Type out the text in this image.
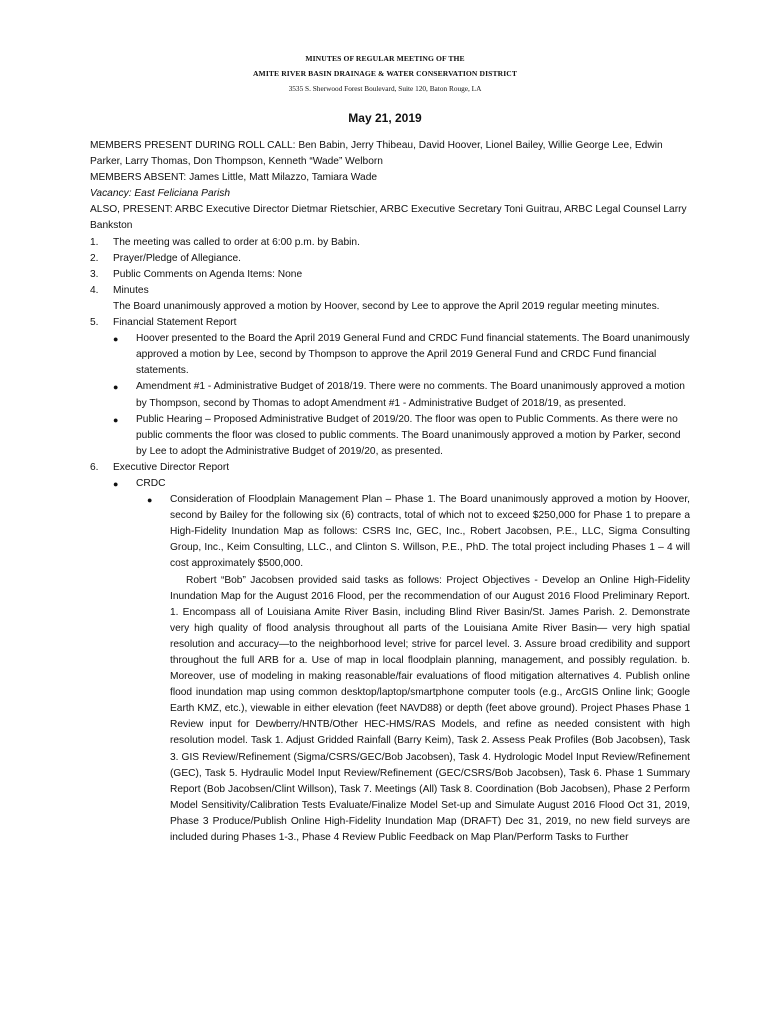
MINUTES OF REGULAR MEETING OF THE
AMITE RIVER BASIN DRAINAGE & WATER CONSERVATION DISTRICT
3535 S. Sherwood Forest Boulevard, Suite 120, Baton Rouge, LA
May 21, 2019

MEMBERS PRESENT DURING ROLL CALL: Ben Babin, Jerry Thibeau, David Hoover, Lionel Bailey, Willie George Lee, Edwin Parker, Larry Thomas, Don Thompson, Kenneth “Wade” Welborn

MEMBERS ABSENT: James Little, Matt Milazzo, Tamiara Wade

Vacancy: East Feliciana Parish

ALSO, PRESENT: ARBC Executive Director Dietmar Rietschier, ARBC Executive Secretary Toni Guitrau, ARBC Legal Counsel Larry Bankston

1.	The meeting was called to order at 6:00 p.m. by Babin.
2.	Prayer/Pledge of Allegiance.
3.	Public Comments on Agenda Items: None
4.	Minutes

The Board unanimously approved a motion by Hoover, second by Lee to approve the April 2019 regular meeting minutes.

5.	Financial Statement Report
●	Hoover presented to the Board the April 2019 General Fund and CRDC Fund financial statements. The Board unanimously approved a motion by Lee, second by Thompson to approve the April 2019 General Fund and CRDC Fund financial statements.
●	Amendment #1 - Administrative Budget of 2018/19. There were no comments. The Board unanimously approved a motion by Thompson, second by Thomas to adopt Amendment #1 - Administrative Budget of 2018/19, as presented.
●	Public Hearing – Proposed Administrative Budget of 2019/20. The floor was open to Public Comments. As there were no public comments the floor was closed to public comments. The Board unanimously approved a motion by Parker, second by Lee to adopt the Administrative Budget of 2019/20, as presented.
6.	Executive Director Report
●	CRDC
●	Consideration of Floodplain Management Plan – Phase 1. The Board unanimously approved a motion by Hoover, second by Bailey for the following six (6) contracts, total of which not to exceed $250,000 for Phase 1 to prepare a High-Fidelity Inundation Map as follows: CSRS Inc, GEC, Inc., Robert Jacobsen, P.E., LLC, Sigma Consulting Group, Inc., Keim Consulting, LLC., and Clinton S. Willson, P.E., PhD. The total project including Phases 1 – 4 will cost approximately $500,000.

Robert “Bob” Jacobsen provided said tasks as follows: Project Objectives - Develop an Online High-Fidelity Inundation Map for the August 2016 Flood, per the recommendation of our August 2016 Flood Preliminary Report. 1. Encompass all of Louisiana Amite River Basin, including Blind River Basin/St. James Parish. 2. Demonstrate very high quality of flood analysis throughout all parts of the Louisiana Amite River Basin— very high spatial resolution and accuracy—to the neighborhood level; strive for parcel level. 3. Assure broad credibility and support throughout the full ARB for a. Use of map in local floodplain planning, management, and possibly regulation. b. Moreover, use of modeling in making reasonable/fair evaluations of flood mitigation alternatives 4. Publish online flood inundation map using common desktop/laptop/smartphone computer tools (e.g., ArcGIS Online link; Google Earth KMZ, etc.), viewable in either elevation (feet NAVD88) or depth (feet above ground). Project Phases Phase 1 Review input for Dewberry/HNTB/Other HEC-HMS/RAS Models, and refine as needed consistent with high resolution model. Task 1. Adjust Gridded Rainfall (Barry Keim), Task 2. Assess Peak Profiles (Bob Jacobsen), Task 3. GIS Review/Refinement (Sigma/CSRS/GEC/Bob Jacobsen), Task 4. Hydrologic Model Input Review/Refinement (GEC), Task 5. Hydraulic Model Input Review/Refinement (GEC/CSRS/Bob Jacobsen), Task 6. Phase 1 Summary Report (Bob Jacobsen/Clint Willson), Task 7. Meetings (All) Task 8. Coordination (Bob Jacobsen), Phase 2 Perform Model Sensitivity/Calibration Tests Evaluate/Finalize Model Set-up and Simulate August 2016 Flood Oct 31, 2019, Phase 3 Produce/Publish Online High-Fidelity Inundation Map (DRAFT) Dec 31, 2019, no new field surveys are included during Phases 1-3., Phase 4 Review Public Feedback on Map Plan/Perform Tasks to Further
